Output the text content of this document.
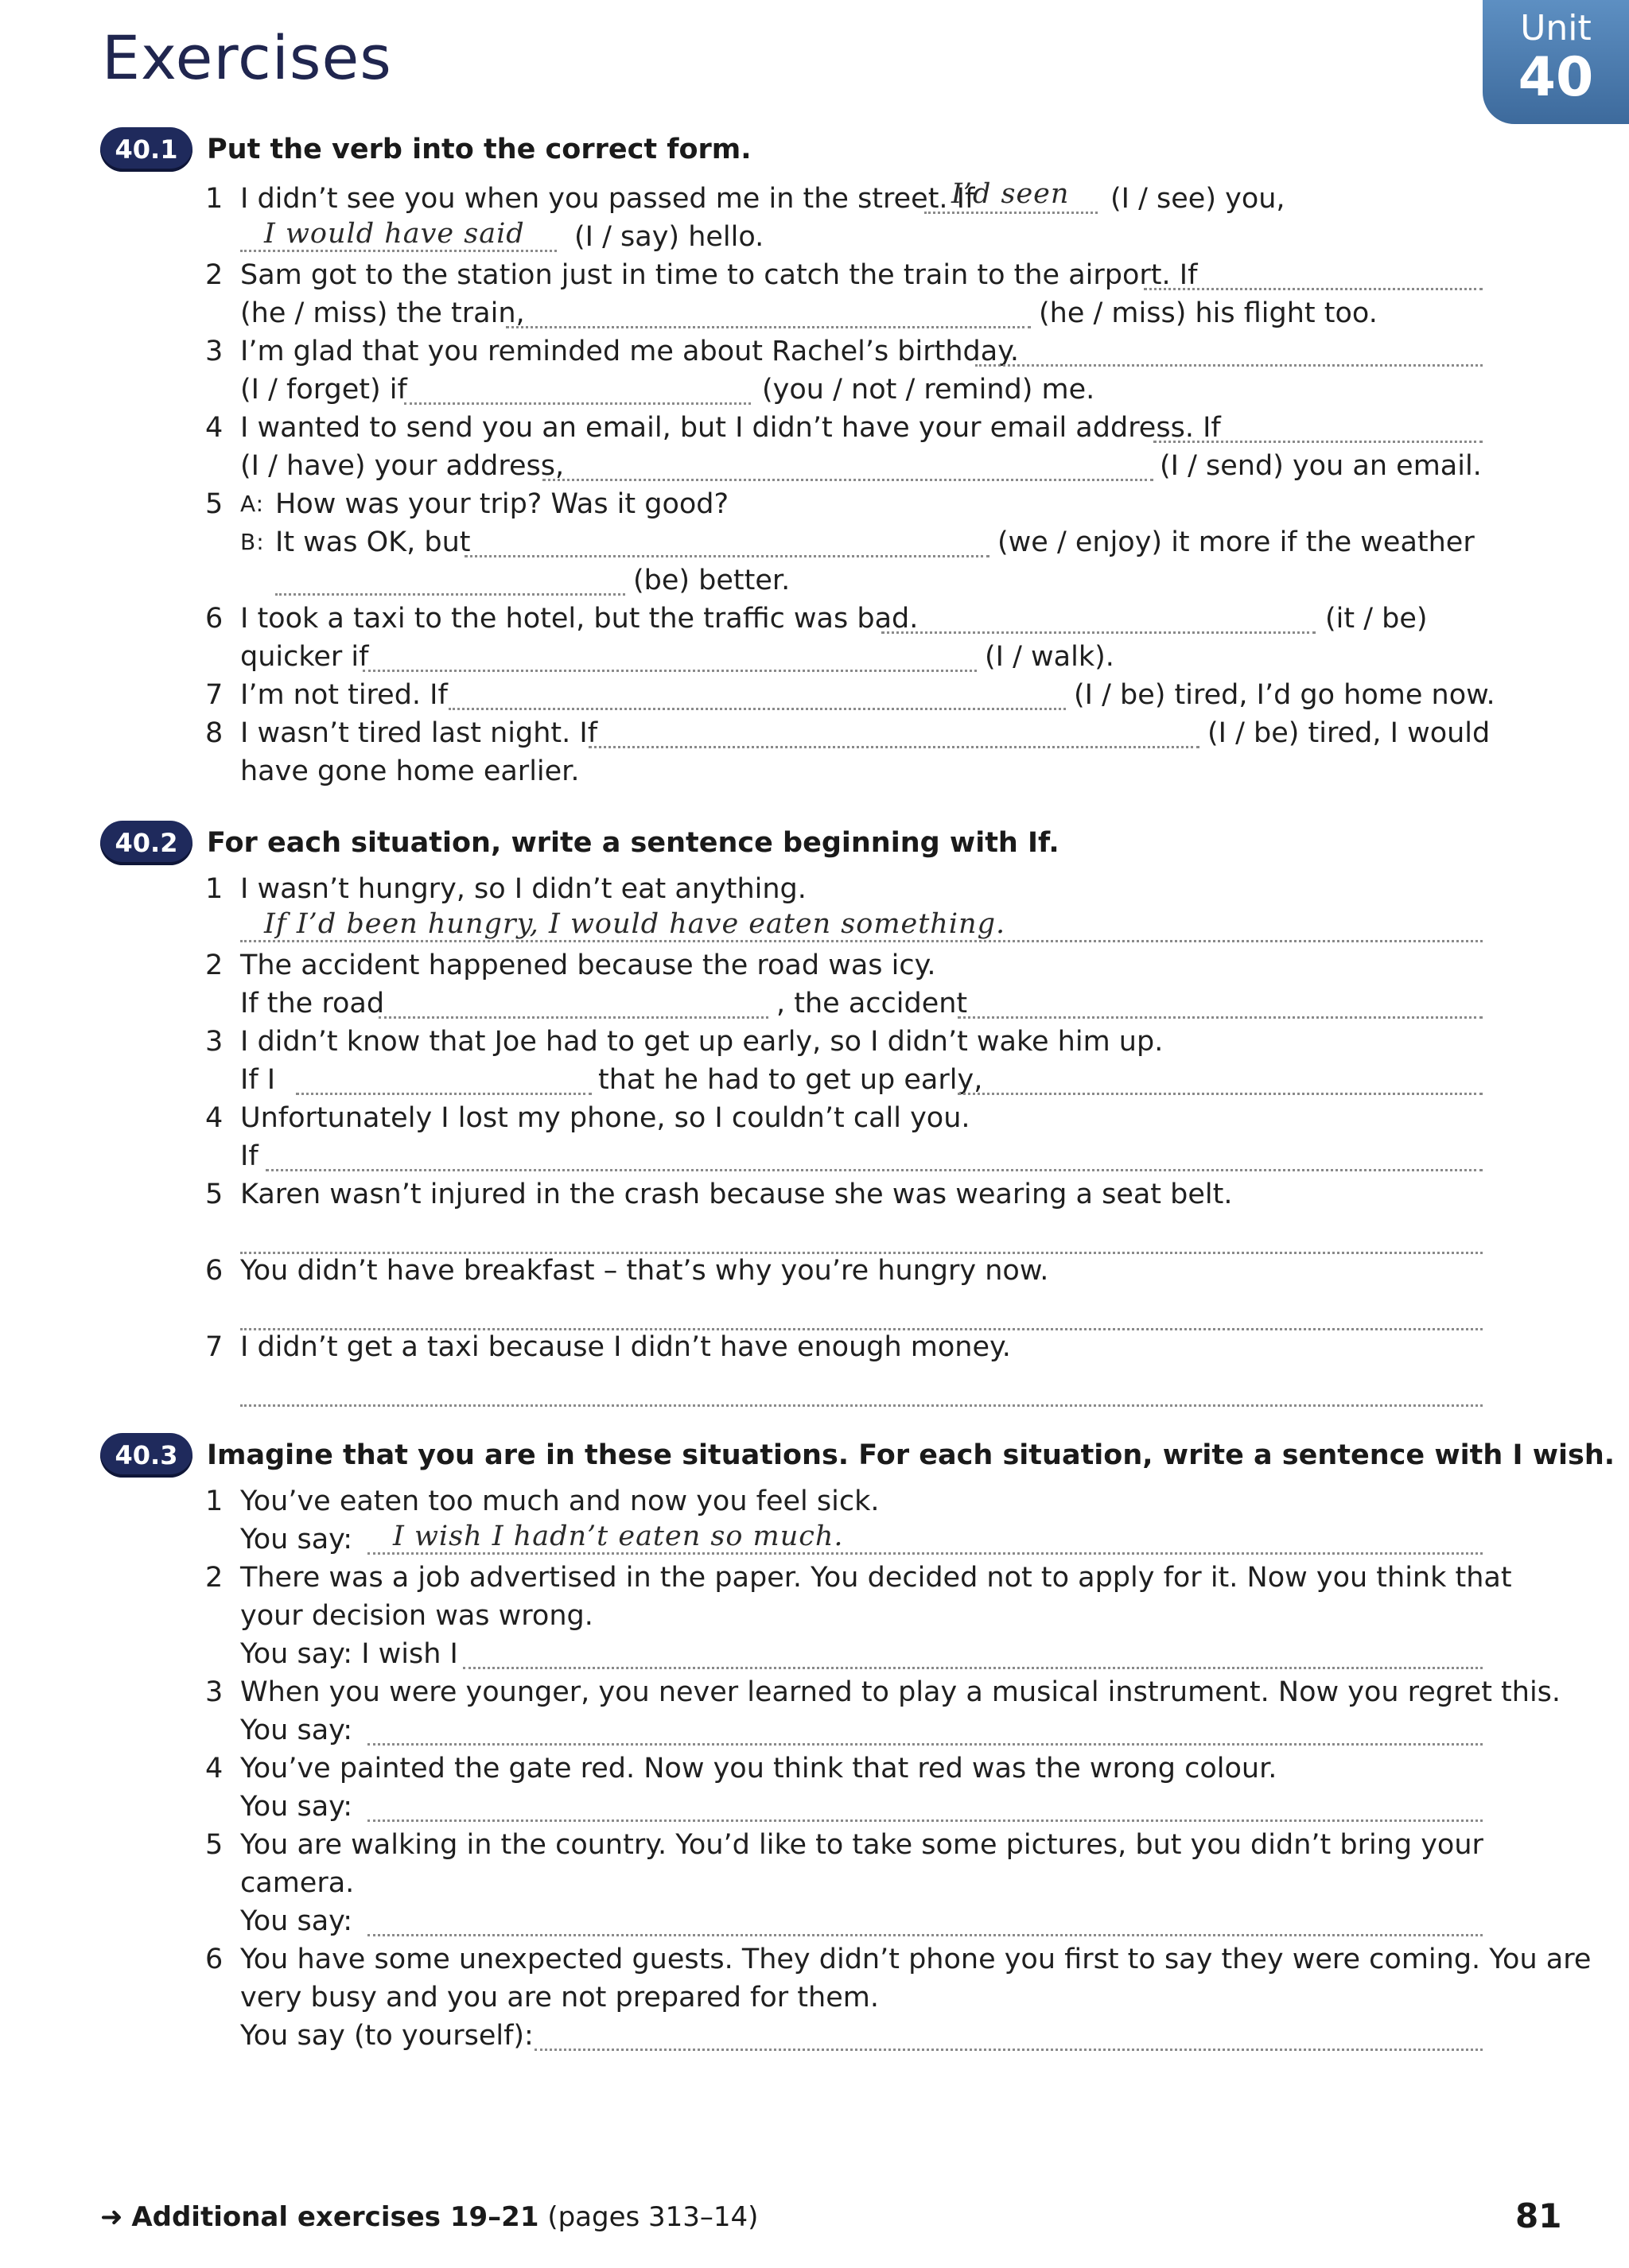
Exercises	Unit
40
40.1	Put the verb into the correct form.
1 I didn’t see you when you passed me in the street. If
I’d seen (I / see) you,
I would have said (I / say) hello.
2 Sam got to the station just in time to catch the train to the airport. If
(he / miss) the train,	(he / miss) his flight too.
3 I’m glad that you reminded me about Rachel’s birthday.
(I / forget) if	(you / not / remind) me.
4 I wanted to send you an email, but I didn’t have your email address. If
(I / have) your address,	(I / send) you an email.
5 A: How was your trip? Was it good?
B: It was OK, but	(we / enjoy) it more if the weather
(be) better.
6 I took a taxi to the hotel, but the traffic was bad.	(it / be)
quicker if	(I / walk).
7 I’m not tired. If	(I / be) tired, I’d go home now.
8 I wasn’t tired last night. If	(I / be) tired, I would
have gone home earlier.
40.2	For each situation, write a sentence beginning with If.
1 I wasn’t hungry, so I didn’t eat anything.
If I’d been hungry, I would have eaten something.
2 The accident happened because the road was icy.
If the road	, the accident
3 I didn’t know that Joe had to get up early, so I didn’t wake him up.
If I	that he had to get up early,
4 Unfortunately I lost my phone, so I couldn’t call you.
If
5 Karen wasn’t injured in the crash because she was wearing a seat belt.
6 You didn’t have breakfast – that’s why you’re hungry now.
7 I didn’t get a taxi because I didn’t have enough money.
40.3	Imagine that you are in these situations. For each situation, write a sentence with I wish.
1 You’ve eaten too much and now you feel sick.
You say: I wish I hadn’t eaten so much.
2 There was a job advertised in the paper. You decided not to apply for it. Now you think that
your decision was wrong.
You say: I wish I
3 When you were younger, you never learned to play a musical instrument. Now you regret this.
You say:
4 You’ve painted the gate red. Now you think that red was the wrong colour.
You say:
5 You are walking in the country. You’d like to take some pictures, but you didn’t bring your
camera.
You say:
6 You have some unexpected guests. They didn’t phone you first to say they were coming. You are
very busy and you are not prepared for them.
You say (to yourself):
➜ Additional exercises 19–21 (pages 313–14)	81
